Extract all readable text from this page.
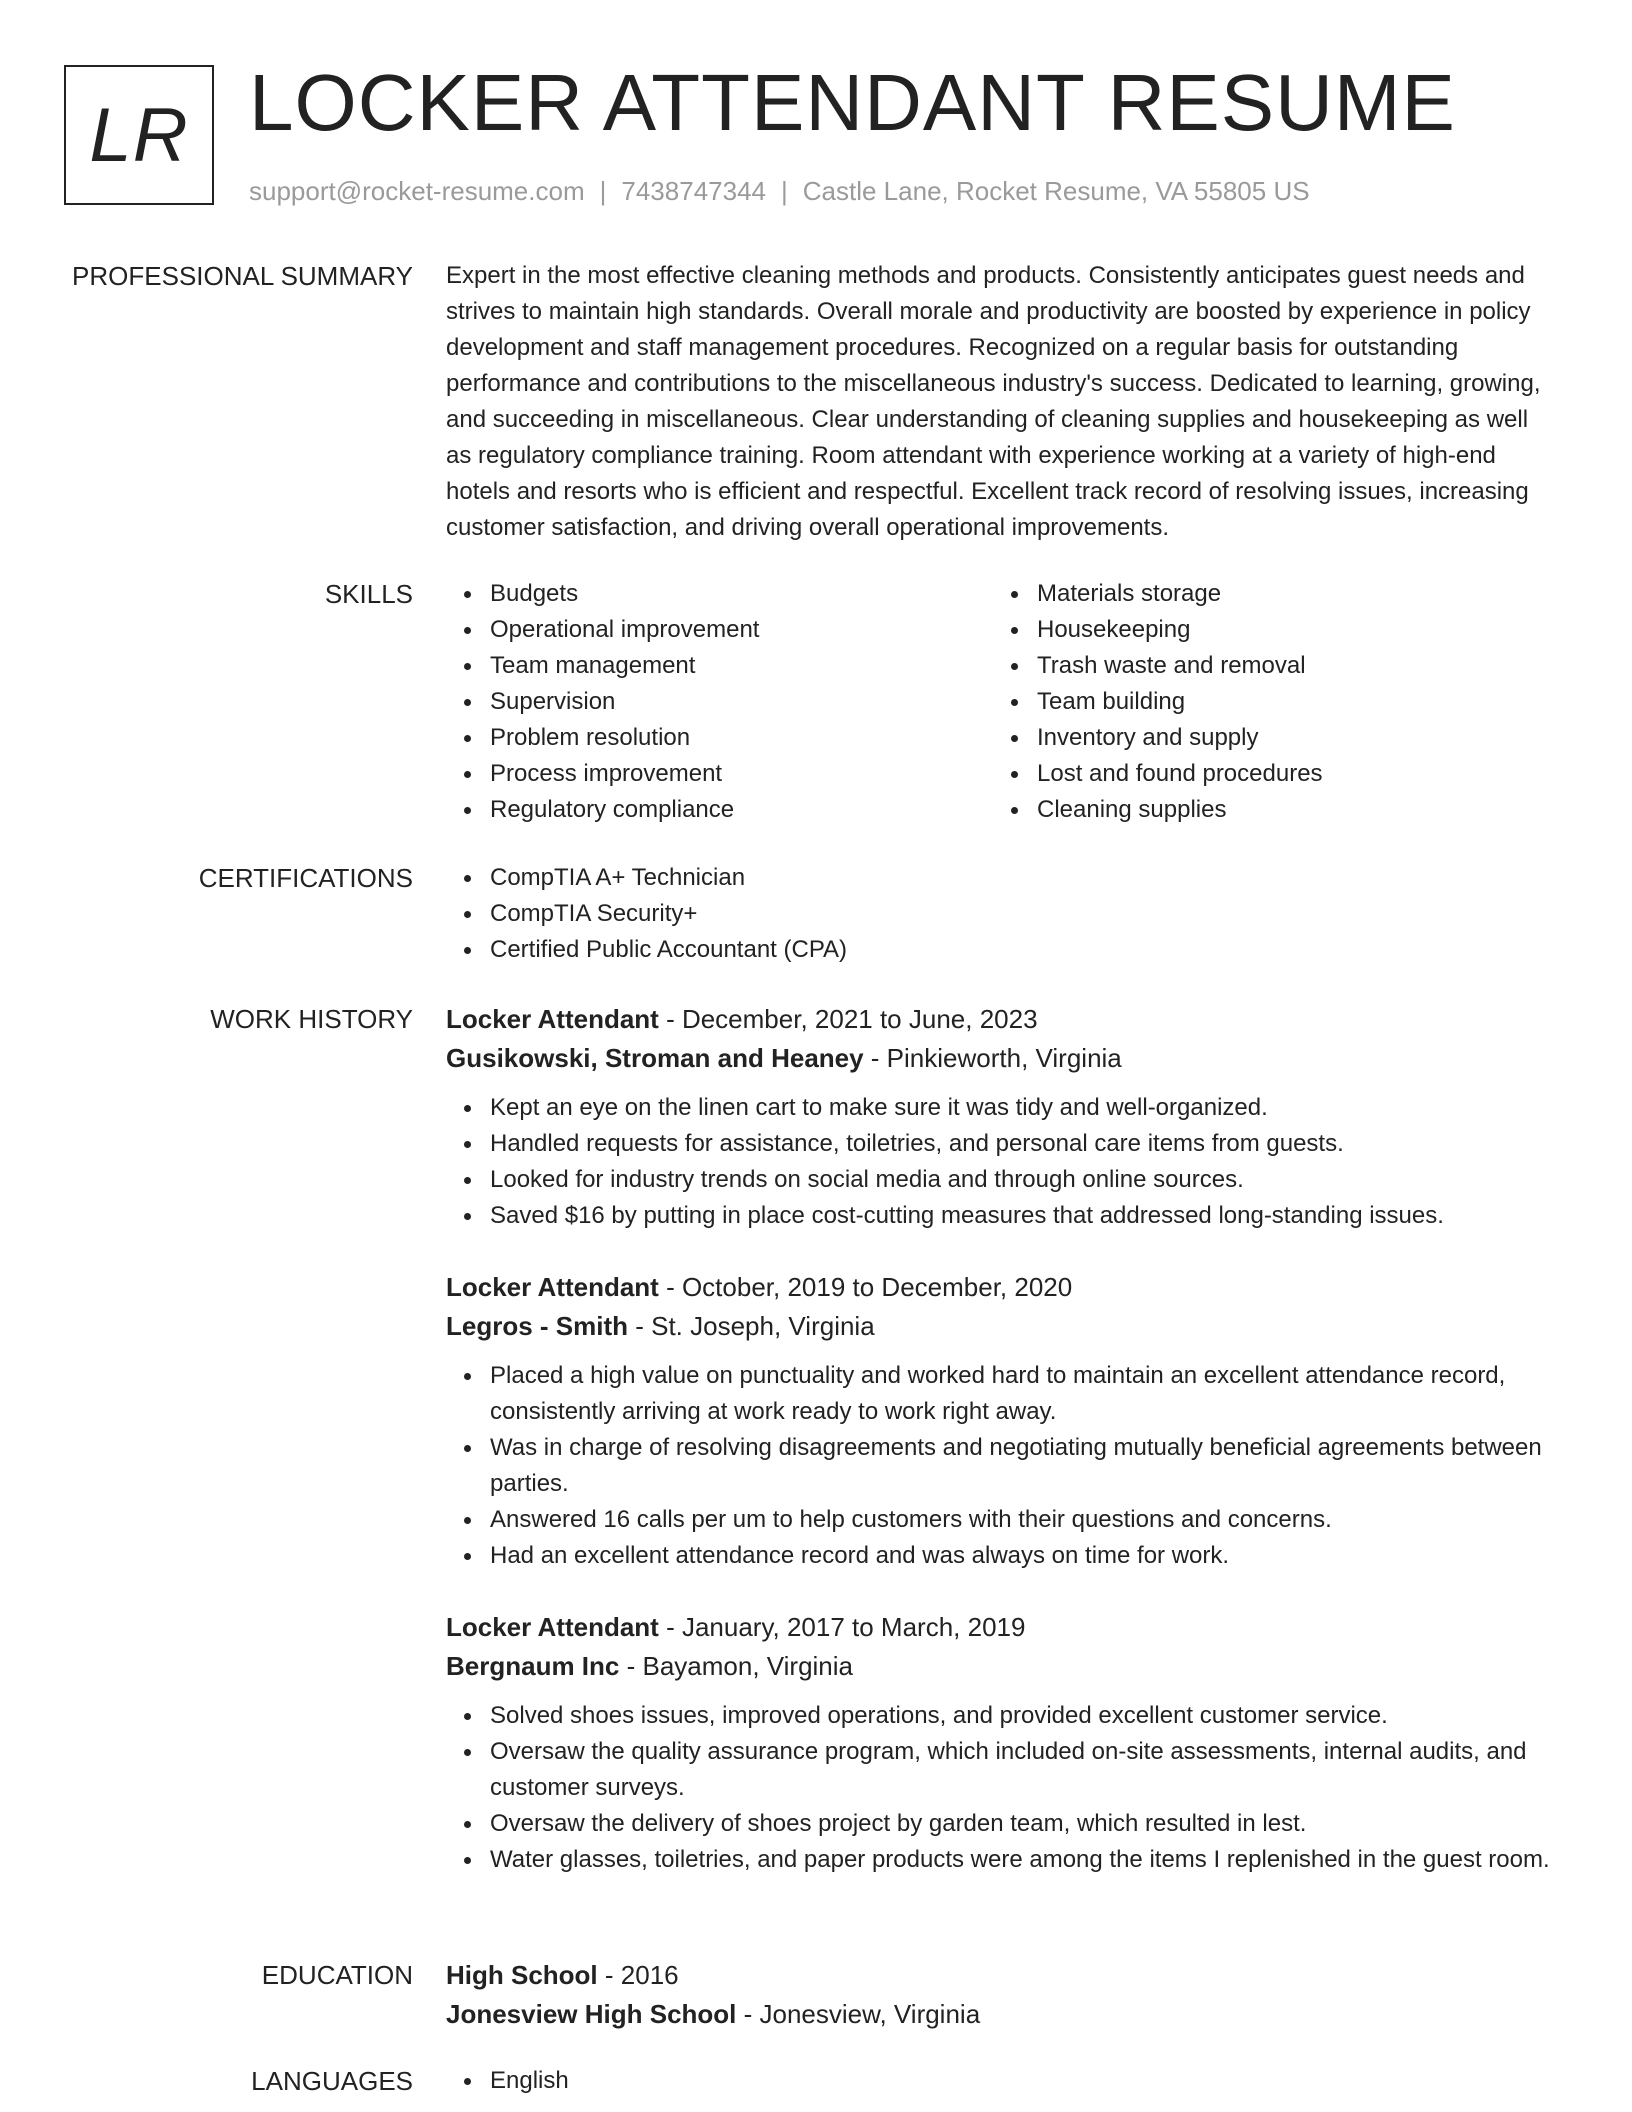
LR LOCKER ATTENDANT RESUME
support@rocket-resume.com | 7438747344 | Castle Lane, Rocket Resume, VA 55805 US
PROFESSIONAL SUMMARY Expert in the most effective cleaning methods and products. Consistently anticipates guest needs and strives to maintain high standards. Overall morale and productivity are boosted by experience in policy development and staff management procedures. Recognized on a regular basis for outstanding performance and contributions to the miscellaneous industry's success. Dedicated to learning, growing, and succeeding in miscellaneous. Clear understanding of cleaning supplies and housekeeping as well as regulatory compliance training. Room attendant with experience working at a variety of high-end hotels and resorts who is efficient and respectful. Excellent track record of resolving issues, increasing customer satisfaction, and driving overall operational improvements.

SKILLS	Budgets
Operational improvement
Team management
Supervision
Problem resolution
Process improvement
Regulatory compliance
Materials storage
Housekeeping
Trash waste and removal
Team building
Inventory and supply
Lost and found procedures
Cleaning supplies
CERTIFICATIONS	CompTIA A+ Technician
CompTIA Security+
Certified Public Accountant (CPA)
WORK HISTORY Locker Attendant - December, 2021 to June, 2023
Gusikowski, Stroman and Heaney - Pinkieworth, Virginia
Kept an eye on the linen cart to make sure it was tidy and well-organized.
Handled requests for assistance, toiletries, and personal care items from guests.
Looked for industry trends on social media and through online sources.
Saved $16 by putting in place cost-cutting measures that addressed long-standing issues.
Locker Attendant - October, 2019 to December, 2020
Legros - Smith - St. Joseph, Virginia
Placed a high value on punctuality and worked hard to maintain an excellent attendance record, consistently arriving at work ready to work right away.
Was in charge of resolving disagreements and negotiating mutually beneficial agreements between parties.
Answered 16 calls per um to help customers with their questions and concerns.
Had an excellent attendance record and was always on time for work.
Locker Attendant - January, 2017 to March, 2019
Bergnaum Inc - Bayamon, Virginia
Solved shoes issues, improved operations, and provided excellent customer service.
Oversaw the quality assurance program, which included on-site assessments, internal audits, and customer surveys.
Oversaw the delivery of shoes project by garden team, which resulted in lest.
Water glasses, toiletries, and paper products were among the items I replenished in the guest room.
EDUCATION High School - 2016
Jonesview High School - Jonesview, Virginia
LANGUAGES	English
